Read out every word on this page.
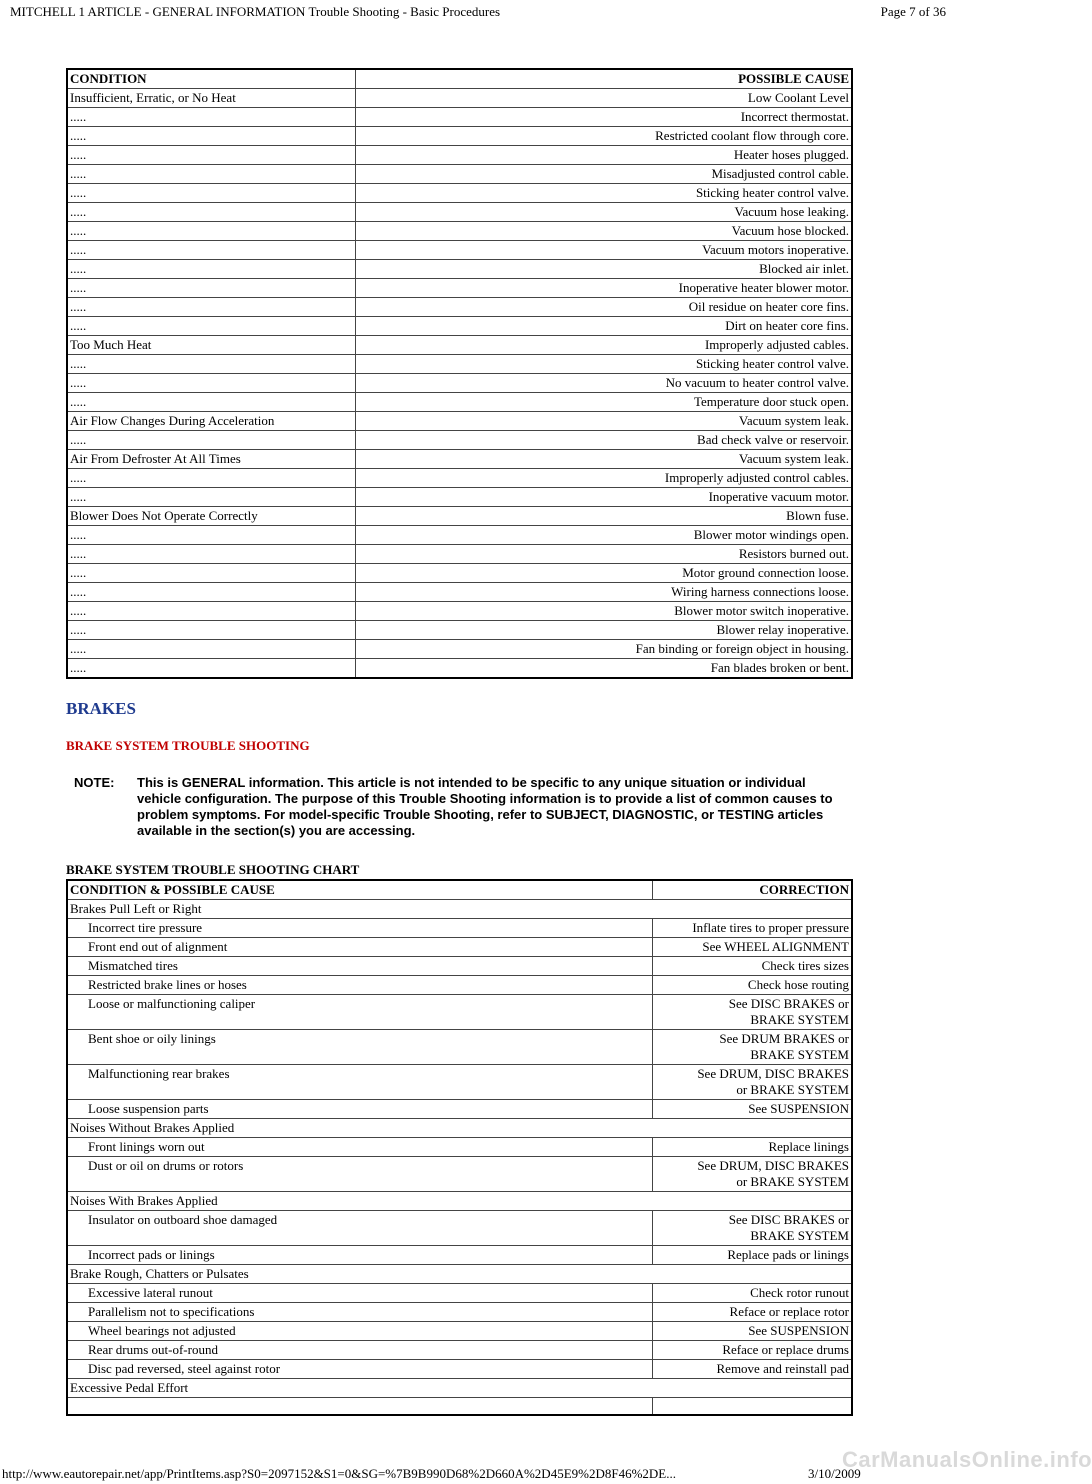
MITCHELL 1 ARTICLE - GENERAL INFORMATION Trouble Shooting - Basic Procedures	Page 7 of 36
CONDITION	POSSIBLE CAUSE
Insufficient, Erratic, or No Heat	Low Coolant Level
.....	Incorrect thermostat.
.....	Restricted coolant flow through core.
.....	Heater hoses plugged.
.....	Misadjusted control cable.
.....	Sticking heater control valve.
.....	Vacuum hose leaking.
.....	Vacuum hose blocked.
.....	Vacuum motors inoperative.
.....	Blocked air inlet.
.....	Inoperative heater blower motor.
.....	Oil residue on heater core fins.
.....	Dirt on heater core fins.
Too Much Heat	Improperly adjusted cables.
.....	Sticking heater control valve.
.....	No vacuum to heater control valve.
.....	Temperature door stuck open.
Air Flow Changes During Acceleration	Vacuum system leak.
.....	Bad check valve or reservoir.
Air From Defroster At All Times	Vacuum system leak.
.....	Improperly adjusted control cables.
.....	Inoperative vacuum motor.
Blower Does Not Operate Correctly	Blown fuse.
.....	Blower motor windings open.
.....	Resistors burned out.
.....	Motor ground connection loose.
.....	Wiring harness connections loose.
.....	Blower motor switch inoperative.
.....	Blower relay inoperative.
.....	Fan binding or foreign object in housing.
.....	Fan blades broken or bent.
BRAKES
BRAKE SYSTEM TROUBLE SHOOTING
NOTE: This is GENERAL information. This article is not intended to be specific to any unique situation or individual vehicle configuration. The purpose of this Trouble Shooting information is to provide a list of common causes to problem symptoms. For model-specific Trouble Shooting, refer to SUBJECT, DIAGNOSTIC, or TESTING articles available in the section(s) you are accessing.
BRAKE SYSTEM TROUBLE SHOOTING CHART
CONDITION & POSSIBLE CAUSE	CORRECTION
Brakes Pull Left or Right	
Incorrect tire pressure	Inflate tires to proper pressure

Front end out of alignment	See WHEEL ALIGNMENT

Mismatched tires	Check tires sizes

Restricted brake lines or hoses	Check hose routing

Loose or malfunctioning caliper	See DISC BRAKES or
BRAKE SYSTEM

Bent shoe or oily linings	See DRUM BRAKES or
BRAKE SYSTEM

Malfunctioning rear brakes	See DRUM, DISC BRAKES
or BRAKE SYSTEM

Loose suspension parts	See SUSPENSION

Noises Without Brakes Applied	
Front linings worn out	Replace linings

Dust or oil on drums or rotors	See DRUM, DISC BRAKES
or BRAKE SYSTEM

Noises With Brakes Applied	
Insulator on outboard shoe damaged	See DISC BRAKES or
BRAKE SYSTEM

Incorrect pads or linings	Replace pads or linings

Brake Rough, Chatters or Pulsates	
Excessive lateral runout	Check rotor runout

Parallelism not to specifications	Reface or replace rotor

Wheel bearings not adjusted	See SUSPENSION

Rear drums out-of-round	Reface or replace drums

Disc pad reversed, steel against rotor	Remove and reinstall pad

Excessive Pedal Effort	

CarManualsOnline.info
http://www.eautorepair.net/app/PrintItems.asp?S0=2097152&S1=0&SG=%7B9B990D68%2D660A%2D45E9%2D8F46%2DE...	3/10/2009
